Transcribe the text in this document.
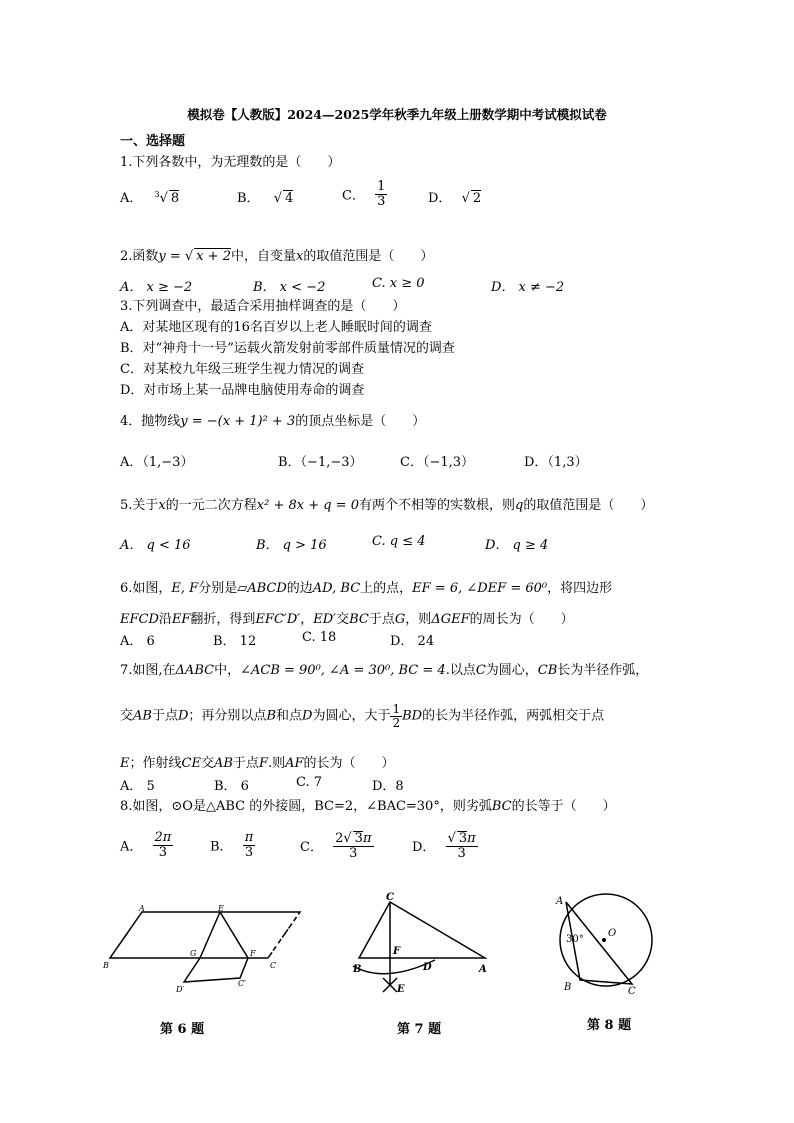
模拟卷【人教版】2024—2025学年秋季九年级上册数学期中考试模拟试卷
一、选择题
1.下列各数中，为无理数的是（　　）
A． $^3$√ 8	B． √ 4	C． $\frac{1}{3}$	D． √ 2
2.函数y = √ x + 2中，自变量x的取值范围是（　　）
A． x ≥ −2	B． x < −2	C. x ≥ 0	D． x ≠ −2
3.下列调查中，最适合采用抽样调查的是（　　）
A．对某地区现有的16名百岁以上老人睡眠时间的调查
B．对“神舟十一号”运载火箭发射前零部件质量情况的调查
C．对某校九年级三班学生视力情况的调查
D．对市场上某一品牌电脑使用寿命的调查
4．抛物线y = −(x + 1)² + 3的顶点坐标是（　　）
A．（1,−3）	B．（−1,−3）	C．（−1,3）	D．（1,3）
5.关于x的一元二次方程x² + 8x + q = 0有两个不相等的实数根，则q的取值范围是（　　）
A． q < 16	B． q > 16	C. q ≤ 4	D． q ≥ 4
6.如图，E, F分别是▱ABCD的边AD, BC上的点，EF = 6, ∠DEF = 60⁰，将四边形
EFCD沿EF翻折，得到EFC′D′，ED′交BC于点G，则ΔGEF的周长为（　　）
A． 6	B． 12	C. 18	D． 24
7.如图,在ΔABC中，∠ACB = 90⁰, ∠A = 30⁰, BC = 4.以点C为圆心，CB长为半径作弧，
交AB于点D；再分别以点B和点D为圆心，大于 $\frac{1}{2}$ BD的长为半径作弧，两弧相交于点
E；作射线CE交AB于点F.则AF的长为（　　）
A． 5	B． 6	C. 7	D．8
8.如图，⊙O是△ABC 的外接圆，BC=2，∠BAC=30°，则劣弧BC的长等于（　　）
A． $\frac{2\pi}{3}$	B． $\frac{\pi}{3}$	C． $\frac{2√ 3\pi}{3}$	D． $\frac{√ 3\pi}{3}$
A	E
B
G	F
C
D′
C′
第 6 题
C
F
B	D	A
E
第 7 题
A
30°
O
B	C
第 8 题
